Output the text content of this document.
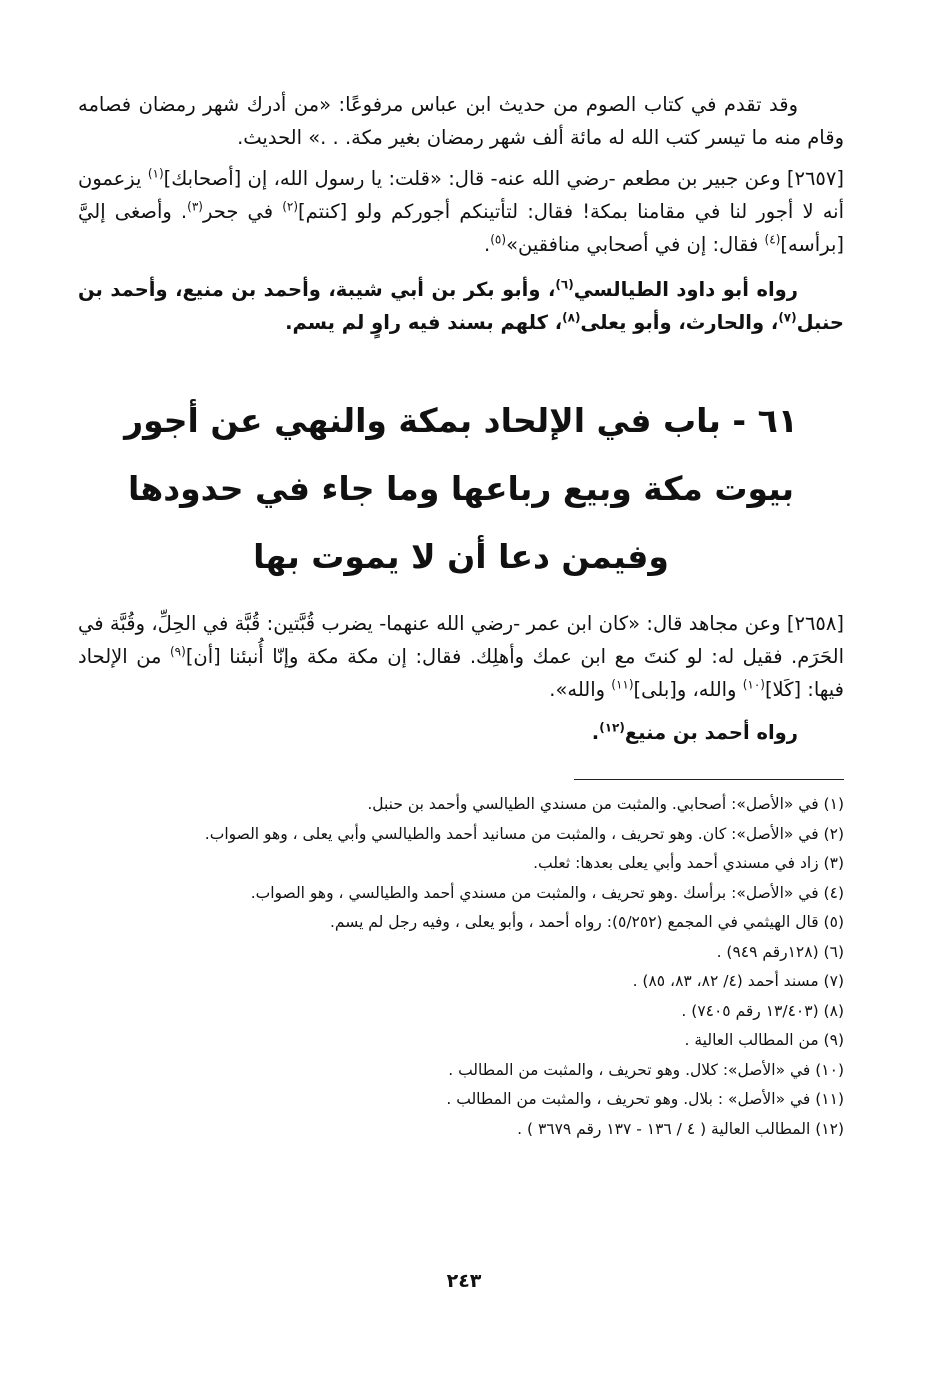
وقد تقدم في كتاب الصوم من حديث ابن عباس مرفوعًا: «من أدرك شهر رمضان فصامه وقام منه ما تيسر كتب الله له مائة ألف شهر رمضان بغير مكة. . .» الحديث.

[٢٦٥٧] وعن جبير بن مطعم -رضي الله عنه- قال: «قلت: يا رسول الله، إن [أصحابك]$^{(١)}$ يزعمون أنه لا أجور لنا في مقامنا بمكة! فقال: لتأتينكم أجوركم ولو [كنتم]$^{(٢)}$ في جحر$^{(٣)}$. وأصغى إليَّ [برأسه]$^{(٤)}$ فقال: إن في أصحابي منافقين»$^{(٥)}$.

رواه أبو داود الطيالسي$^{(٦)}$، وأبو بكر بن أبي شيبة، وأحمد بن منيع، وأحمد بن حنبل$^{(٧)}$، والحارث، وأبو يعلى$^{(٨)}$، كلهم بسند فيه راوٍ لم يسم.

٦١ - باب في الإلحاد بمكة والنهي عن أجور
بيوت مكة وبيع رباعها وما جاء في حدودها
وفيمن دعا أن لا يموت بها

[٢٦٥٨] وعن مجاهد قال: «كان ابن عمر -رضي الله عنهما- يضرب قُبَّتين: قُبَّة في الحِلِّ، وقُبَّة في الحَرَم. فقيل له: لو كنتَ مع ابن عمك وأهلِك. فقال: إن مكة مكة وإنّا أُنبئنا [أن]$^{(٩)}$ من الإلحاد فيها: [كَلا]$^{(١٠)}$ والله، و[بلى]$^{(١١)}$ والله».

رواه أحمد بن منيع$^{(١٢)}$.

(١) في «الأصل»: أصحابي. والمثبت من مسندي الطيالسي وأحمد بن حنبل.
(٢) في «الأصل»: كان. وهو تحريف ، والمثبت من مسانيد أحمد والطيالسي وأبي يعلى ، وهو الصواب.
(٣) زاد في مسندي أحمد وأبي يعلى بعدها: ثعلب.
(٤) في «الأصل»: برأسك .وهو تحريف ، والمثبت من مسندي أحمد والطيالسي ، وهو الصواب.
(٥) قال الهيثمي في المجمع (٥/٢٥٢): رواه أحمد ، وأبو يعلى ، وفيه رجل لم يسم.
(٦) (١٢٨رقم ٩٤٩) .
(٧) مسند أحمد (٤/ ٨٢، ٨٣، ٨٥) .
(٨) (١٣/٤٠٣ رقم ٧٤٠٥) .
(٩) من المطالب العالية .
(١٠) في «الأصل»: كلال. وهو تحريف ، والمثبت من المطالب .
(١١) في «الأصل» : بلال. وهو تحريف ، والمثبت من المطالب .
(١٢) المطالب العالية ( ٤ / ١٣٦ - ١٣٧ رقم ٣٦٧٩ ) .
٢٤٣
